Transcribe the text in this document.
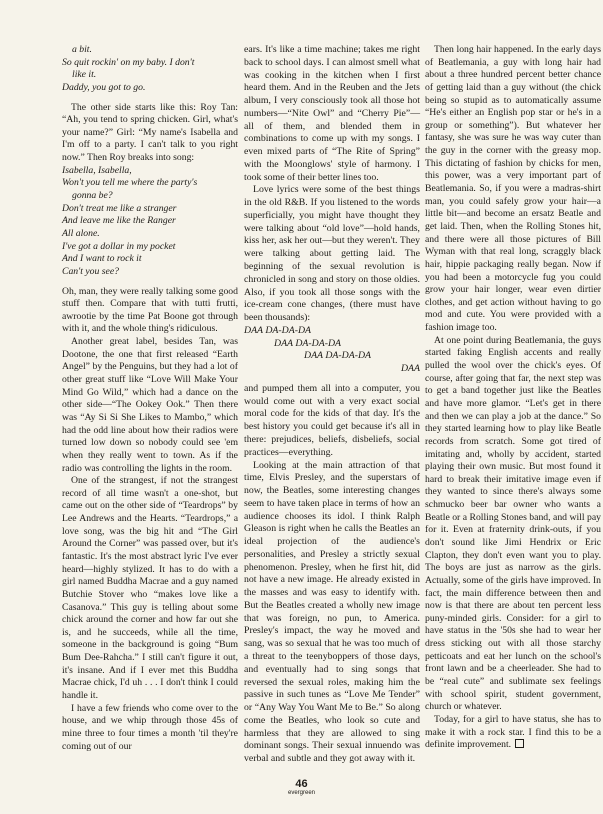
a bit.
So quit rockin' on my baby. I don't
like it.
Daddy, you got to go.

The other side starts like this: Roy Tan: “Ah, you tend to spring chicken. Girl, what's your name?” Girl: “My name's Isabella and I'm off to a party. I can't talk to you right now.” Then Roy breaks into song:

Isabella, Isabella,
Won't you tell me where the party's
gonna be?
Don't treat me like a stranger
And leave me like the Ranger
All alone.
I've got a dollar in my pocket
And I want to rock it
Can't you see?

Oh, man, they were really talking some good stuff then. Compare that with tutti frutti, awrootie by the time Pat Boone got through with it, and the whole thing's ridiculous.

Another great label, besides Tan, was Dootone, the one that first released “Earth Angel” by the Penguins, but they had a lot of other great stuff like “Love Will Make Your Mind Go Wild,” which had a dance on the other side—“The Ookey Ook.” Then there was “Ay Si Si She Likes to Mambo,” which had the odd line about how their radios were turned low down so nobody could see 'em when they really went to town. As if the radio was controlling the lights in the room.

One of the strangest, if not the strangest record of all time wasn't a one-shot, but came out on the other side of “Teardrops” by Lee Andrews and the Hearts. “Teardrops,” a love song, was the big hit and “The Girl Around the Corner” was passed over, but it's fantastic. It's the most abstract lyric I've ever heard—highly stylized. It has to do with a girl named Buddha Macrae and a guy named Butchie Stover who “makes love like a Casanova.” This guy is telling about some chick around the corner and how far out she is, and he succeeds, while all the time, someone in the background is going “Bum Bum Dee-Rahcha.” I still can't figure it out, it's insane. And if I ever met this Buddha Macrae chick, I'd uh . . . I don't think I could handle it.

I have a few friends who come over to the house, and we whip through those 45s of mine three to four times a month 'til they're coming out of our

ears. It's like a time machine; takes me right back to school days. I can almost smell what was cooking in the kitchen when I first heard them. And in the Reuben and the Jets album, I very consciously took all those hot numbers—“Nite Owl” and “Cherry Pie”—all of them, and blended them in combinations to come up with my songs. I even mixed parts of “The Rite of Spring” with the Moonglows' style of harmony. I took some of their better lines too.

Love lyrics were some of the best things in the old R&B. If you listened to the words superficially, you might have thought they were talking about “old love”—hold hands, kiss her, ask her out—but they weren't. They were talking about getting laid. The beginning of the sexual revolution is chronicled in song and story on those oldies. Also, if you took all those songs with the ice-cream cone changes, (there must have been thousands):

DAA DA-DA-DA
DAA DA-DA-DA
DAA DA-DA-DA
DAA

and pumped them all into a computer, you would come out with a very exact social moral code for the kids of that day. It's the best history you could get because it's all in there: prejudices, beliefs, disbeliefs, social practices—everything.

Looking at the main attraction of that time, Elvis Presley, and the superstars of now, the Beatles, some interesting changes seem to have taken place in terms of how an audience chooses its idol. I think Ralph Gleason is right when he calls the Beatles an ideal projection of the audience's personalities, and Presley a strictly sexual phenomenon. Presley, when he first hit, did not have a new image. He already existed in the masses and was easy to identify with. But the Beatles created a wholly new image that was foreign, no pun, to America. Presley's impact, the way he moved and sang, was so sexual that he was too much of a threat to the teenyboppers of those days, and eventually had to sing songs that reversed the sexual roles, making him the passive in such tunes as “Love Me Tender” or “Any Way You Want Me to Be.” So along come the Beatles, who look so cute and harmless that they are allowed to sing dominant songs. Their sexual innuendo was verbal and subtle and they got away with it.

Then long hair happened. In the early days of Beatlemania, a guy with long hair had about a three hundred percent better chance of getting laid than a guy without (the chick being so stupid as to automatically assume “He's either an English pop star or he's in a group or something”). But whatever her fantasy, she was sure he was way cuter than the guy in the corner with the greasy mop. This dictating of fashion by chicks for men, this power, was a very important part of Beatlemania. So, if you were a madras-shirt man, you could safely grow your hair—a little bit—and become an ersatz Beatle and get laid. Then, when the Rolling Stones hit, and there were all those pictures of Bill Wyman with that real long, scraggly black hair, hippie packaging really began. Now if you had been a motorcycle fug you could grow your hair longer, wear even dirtier clothes, and get action without having to go mod and cute. You were provided with a fashion image too.

At one point during Beatlemania, the guys started faking English accents and really pulled the wool over the chick's eyes. Of course, after going that far, the next step was to get a band together just like the Beatles and have more glamor. “Let's get in there and then we can play a job at the dance.” So they started learning how to play like Beatle records from scratch. Some got tired of imitating and, wholly by accident, started playing their own music. But most found it hard to break their imitative image even if they wanted to since there's always some schmucko beer bar owner who wants a Beatle or a Rolling Stones band, and will pay for it. Even at fraternity drink-outs, if you don't sound like Jimi Hendrix or Eric Clapton, they don't even want you to play. The boys are just as narrow as the girls. Actually, some of the girls have improved. In fact, the main difference between then and now is that there are about ten percent less puny-minded girls. Consider: for a girl to have status in the '50s she had to wear her dress sticking out with all those starchy petticoats and eat her lunch on the school's front lawn and be a cheerleader. She had to be “real cute” and sublimate sex feelings with school spirit, student government, church or whatever.

Today, for a girl to have status, she has to make it with a rock star. I find this to be a definite improvement.

46
evergreen
